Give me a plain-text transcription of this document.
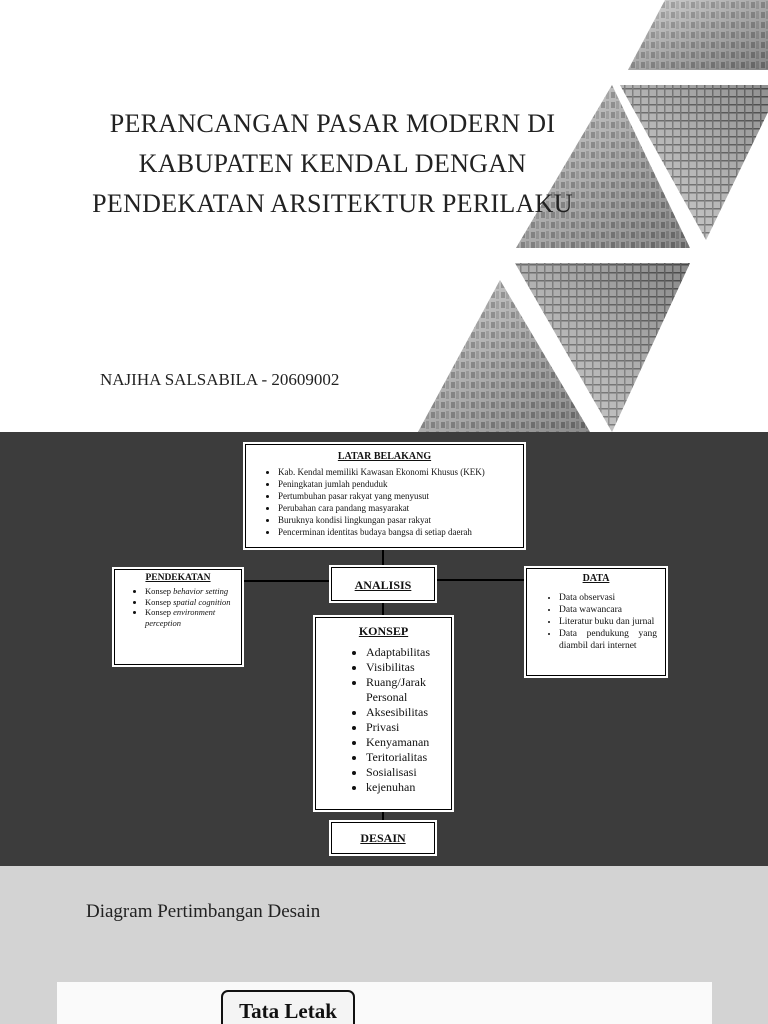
PERANCANGAN PASAR MODERN DI
KABUPATEN KENDAL DENGAN
PENDEKATAN ARSITEKTUR PERILAKU
NAJIHA SALSABILA - 20609002
LATAR BELAKANG
• Kab. Kendal memiliki Kawasan Ekonomi Khusus (KEK)
• Peningkatan jumlah penduduk
• Pertumbuhan pasar rakyat yang menyusut
• Perubahan cara pandang masyarakat
• Buruknya kondisi lingkungan pasar rakyat
• Pencerminan identitas budaya bangsa di setiap daerah
ANALISIS
PENDEKATAN
• Konsep behavior setting
• Konsep spatial cognition
• Konsep environment perception
DATA
• Data observasi
• Data wawancara
• Literatur buku dan jurnal
• Data pendukung yang diambil dari internet
KONSEP
• Adaptabilitas
• Visibilitas
• Ruang/Jarak Personal
• Aksesibilitas
• Privasi
• Kenyamanan
• Teritorialitas
• Sosialisasi
• kejenuhan
DESAIN
Diagram Pertimbangan Desain
Tata Letak
